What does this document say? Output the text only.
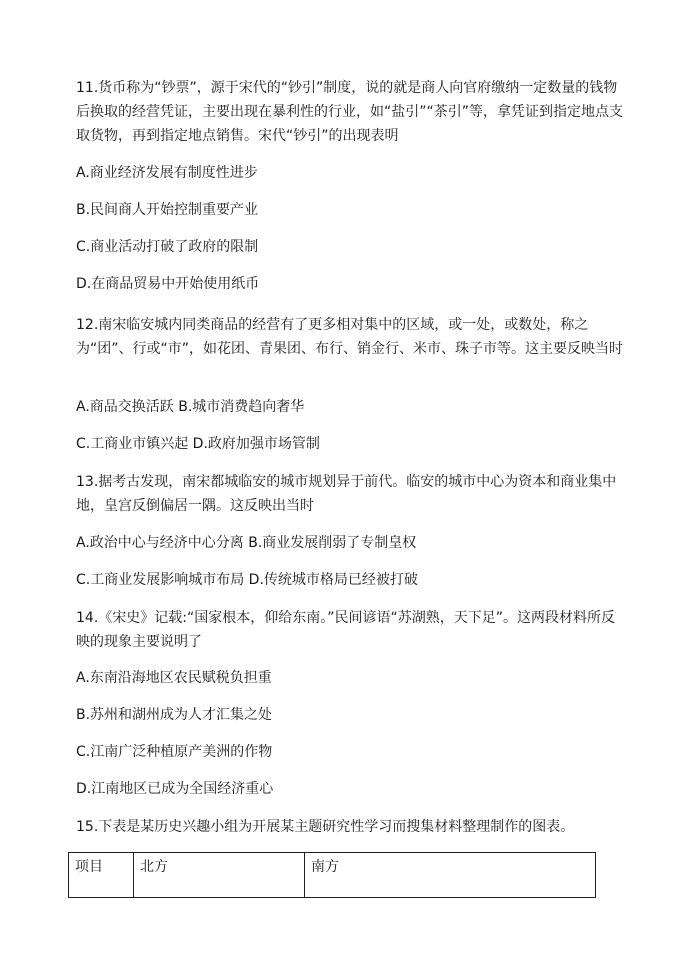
11.货币称为“钞票”，源于宋代的“钞引”制度，说的就是商人向官府缴纳一定数量的钱物后换取的经营凭证，主要出现在暴利性的行业，如“盐引”“茶引”等，拿凭证到指定地点支取货物，再到指定地点销售。宋代“钞引”的出现表明

A.商业经济发展有制度性进步

B.民间商人开始控制重要产业

C.商业活动打破了政府的限制

D.在商品贸易中开始使用纸币

12.南宋临安城内同类商品的经营有了更多相对集中的区域，或一处，或数处，称之为“团”、行或“市”，如花团、青果团、布行、销金行、米市、珠子市等。这主要反映当时

A.商品交换活跃 B.城市消费趋向奢华

C.工商业市镇兴起 D.政府加强市场管制

13.据考古发现，南宋都城临安的城市规划异于前代。临安的城市中心为资本和商业集中地，皇宫反倒偏居一隅。这反映出当时

A.政治中心与经济中心分离 B.商业发展削弱了专制皇权

C.工商业发展影响城市布局 D.传统城市格局已经被打破

14.《宋史》记载:“国家根本，仰给东南。”民间谚语“苏湖熟，天下足”。这两段材料所反映的现象主要说明了

A.东南沿海地区农民赋税负担重

B.苏州和湖州成为人才汇集之处

C.江南广泛种植原产美洲的作物

D.江南地区已成为全国经济重心

15.下表是某历史兴趣小组为开展某主题研究性学习而搜集材料整理制作的图表。

项目	北方	南方
